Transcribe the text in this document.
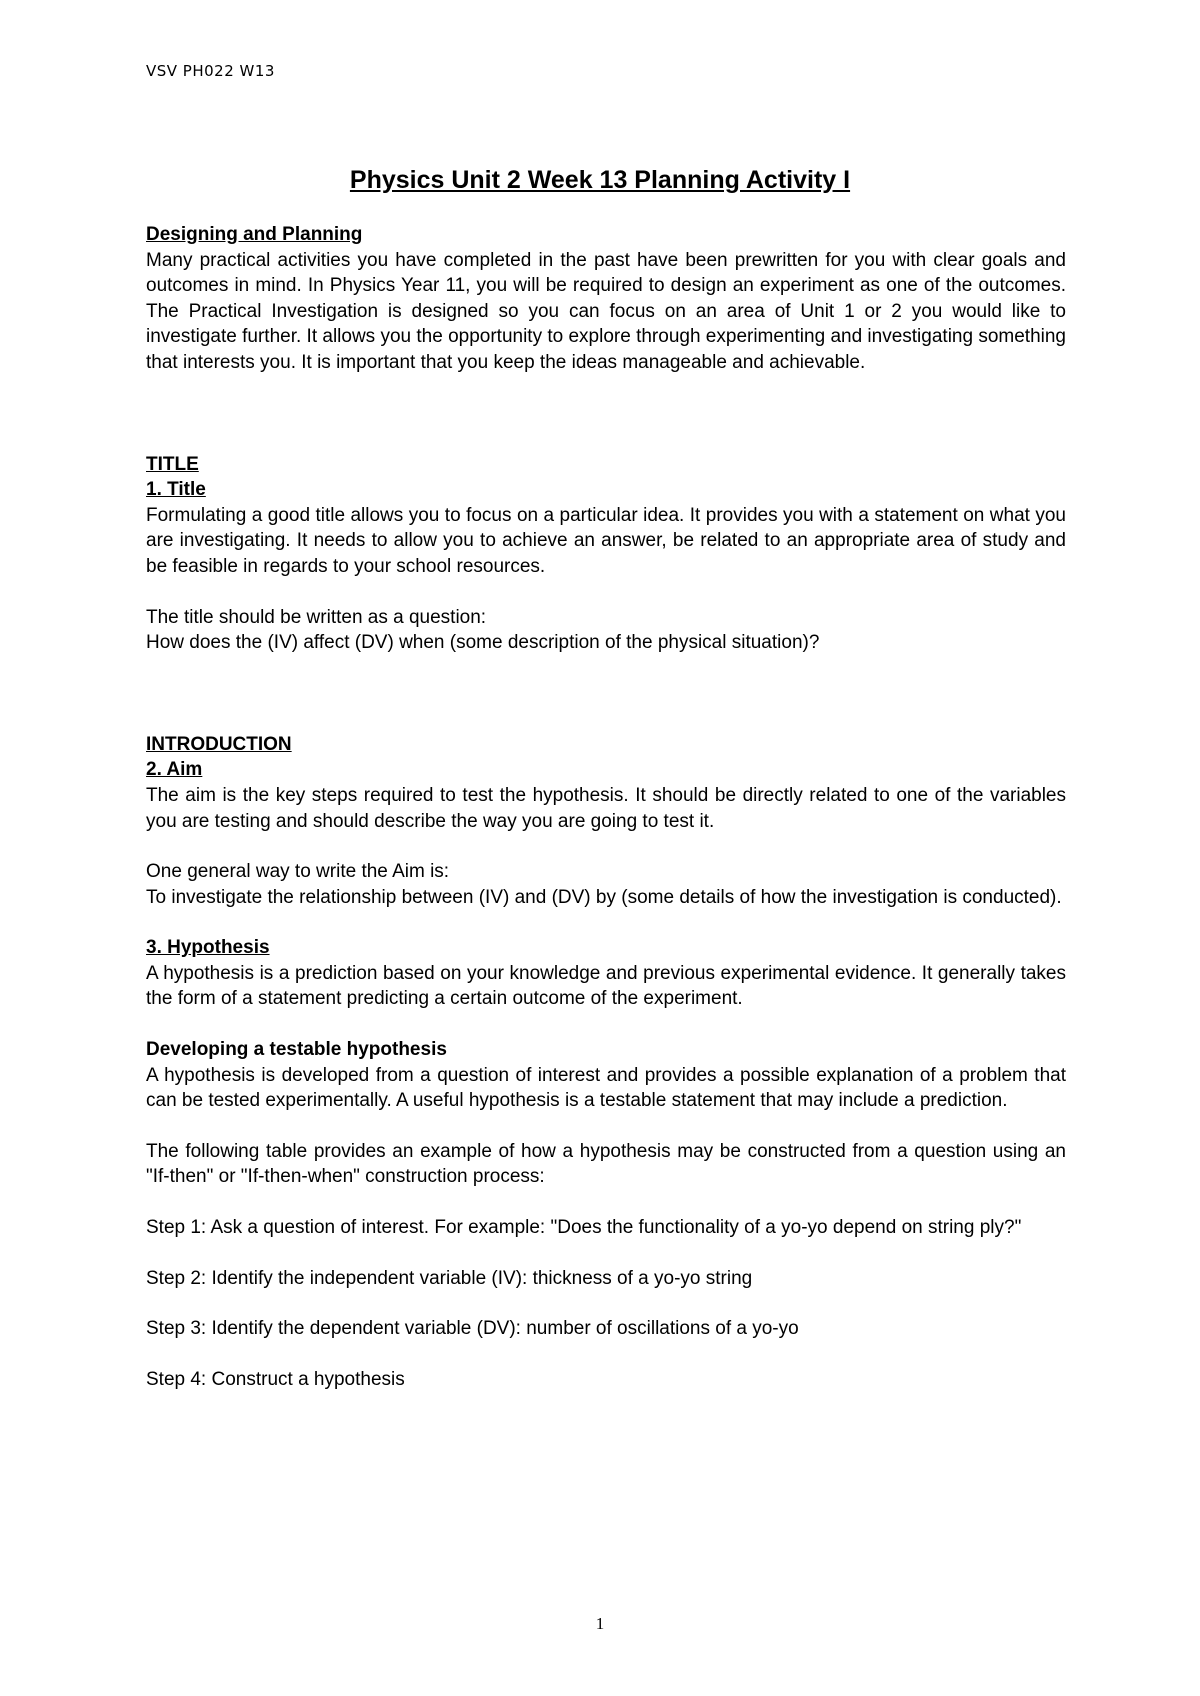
VSV PH022 W13
Physics Unit 2 Week 13 Planning Activity I

Designing and Planning

Many practical activities you have completed in the past have been prewritten for you with clear goals and outcomes in mind. In Physics Year 11, you will be required to design an experiment as one of the outcomes. The Practical Investigation is designed so you can focus on an area of Unit 1 or 2 you would like to investigate further. It allows you the opportunity to explore through experimenting and investigating something that interests you. It is important that you keep the ideas manageable and achievable.

TITLE

1. Title

Formulating a good title allows you to focus on a particular idea. It provides you with a statement on what you are investigating. It needs to allow you to achieve an answer, be related to an appropriate area of study and be feasible in regards to your school resources.

The title should be written as a question:

How does the (IV) affect (DV) when (some description of the physical situation)?

INTRODUCTION

2. Aim

The aim is the key steps required to test the hypothesis. It should be directly related to one of the variables you are testing and should describe the way you are going to test it.

One general way to write the Aim is:

To investigate the relationship between (IV) and (DV) by (some details of how the investigation is conducted).

3. Hypothesis

A hypothesis is a prediction based on your knowledge and previous experimental evidence. It generally takes the form of a statement predicting a certain outcome of the experiment.

Developing a testable hypothesis

A hypothesis is developed from a question of interest and provides a possible explanation of a problem that can be tested experimentally. A useful hypothesis is a testable statement that may include a prediction.

The following table provides an example of how a hypothesis may be constructed from a question using an "If-then" or "If-then-when" construction process:

Step 1: Ask a question of interest. For example: "Does the functionality of a yo-yo depend on string ply?"

Step 2: Identify the independent variable (IV): thickness of a yo-yo string

Step 3: Identify the dependent variable (DV): number of oscillations of a yo-yo

Step 4: Construct a hypothesis

1
